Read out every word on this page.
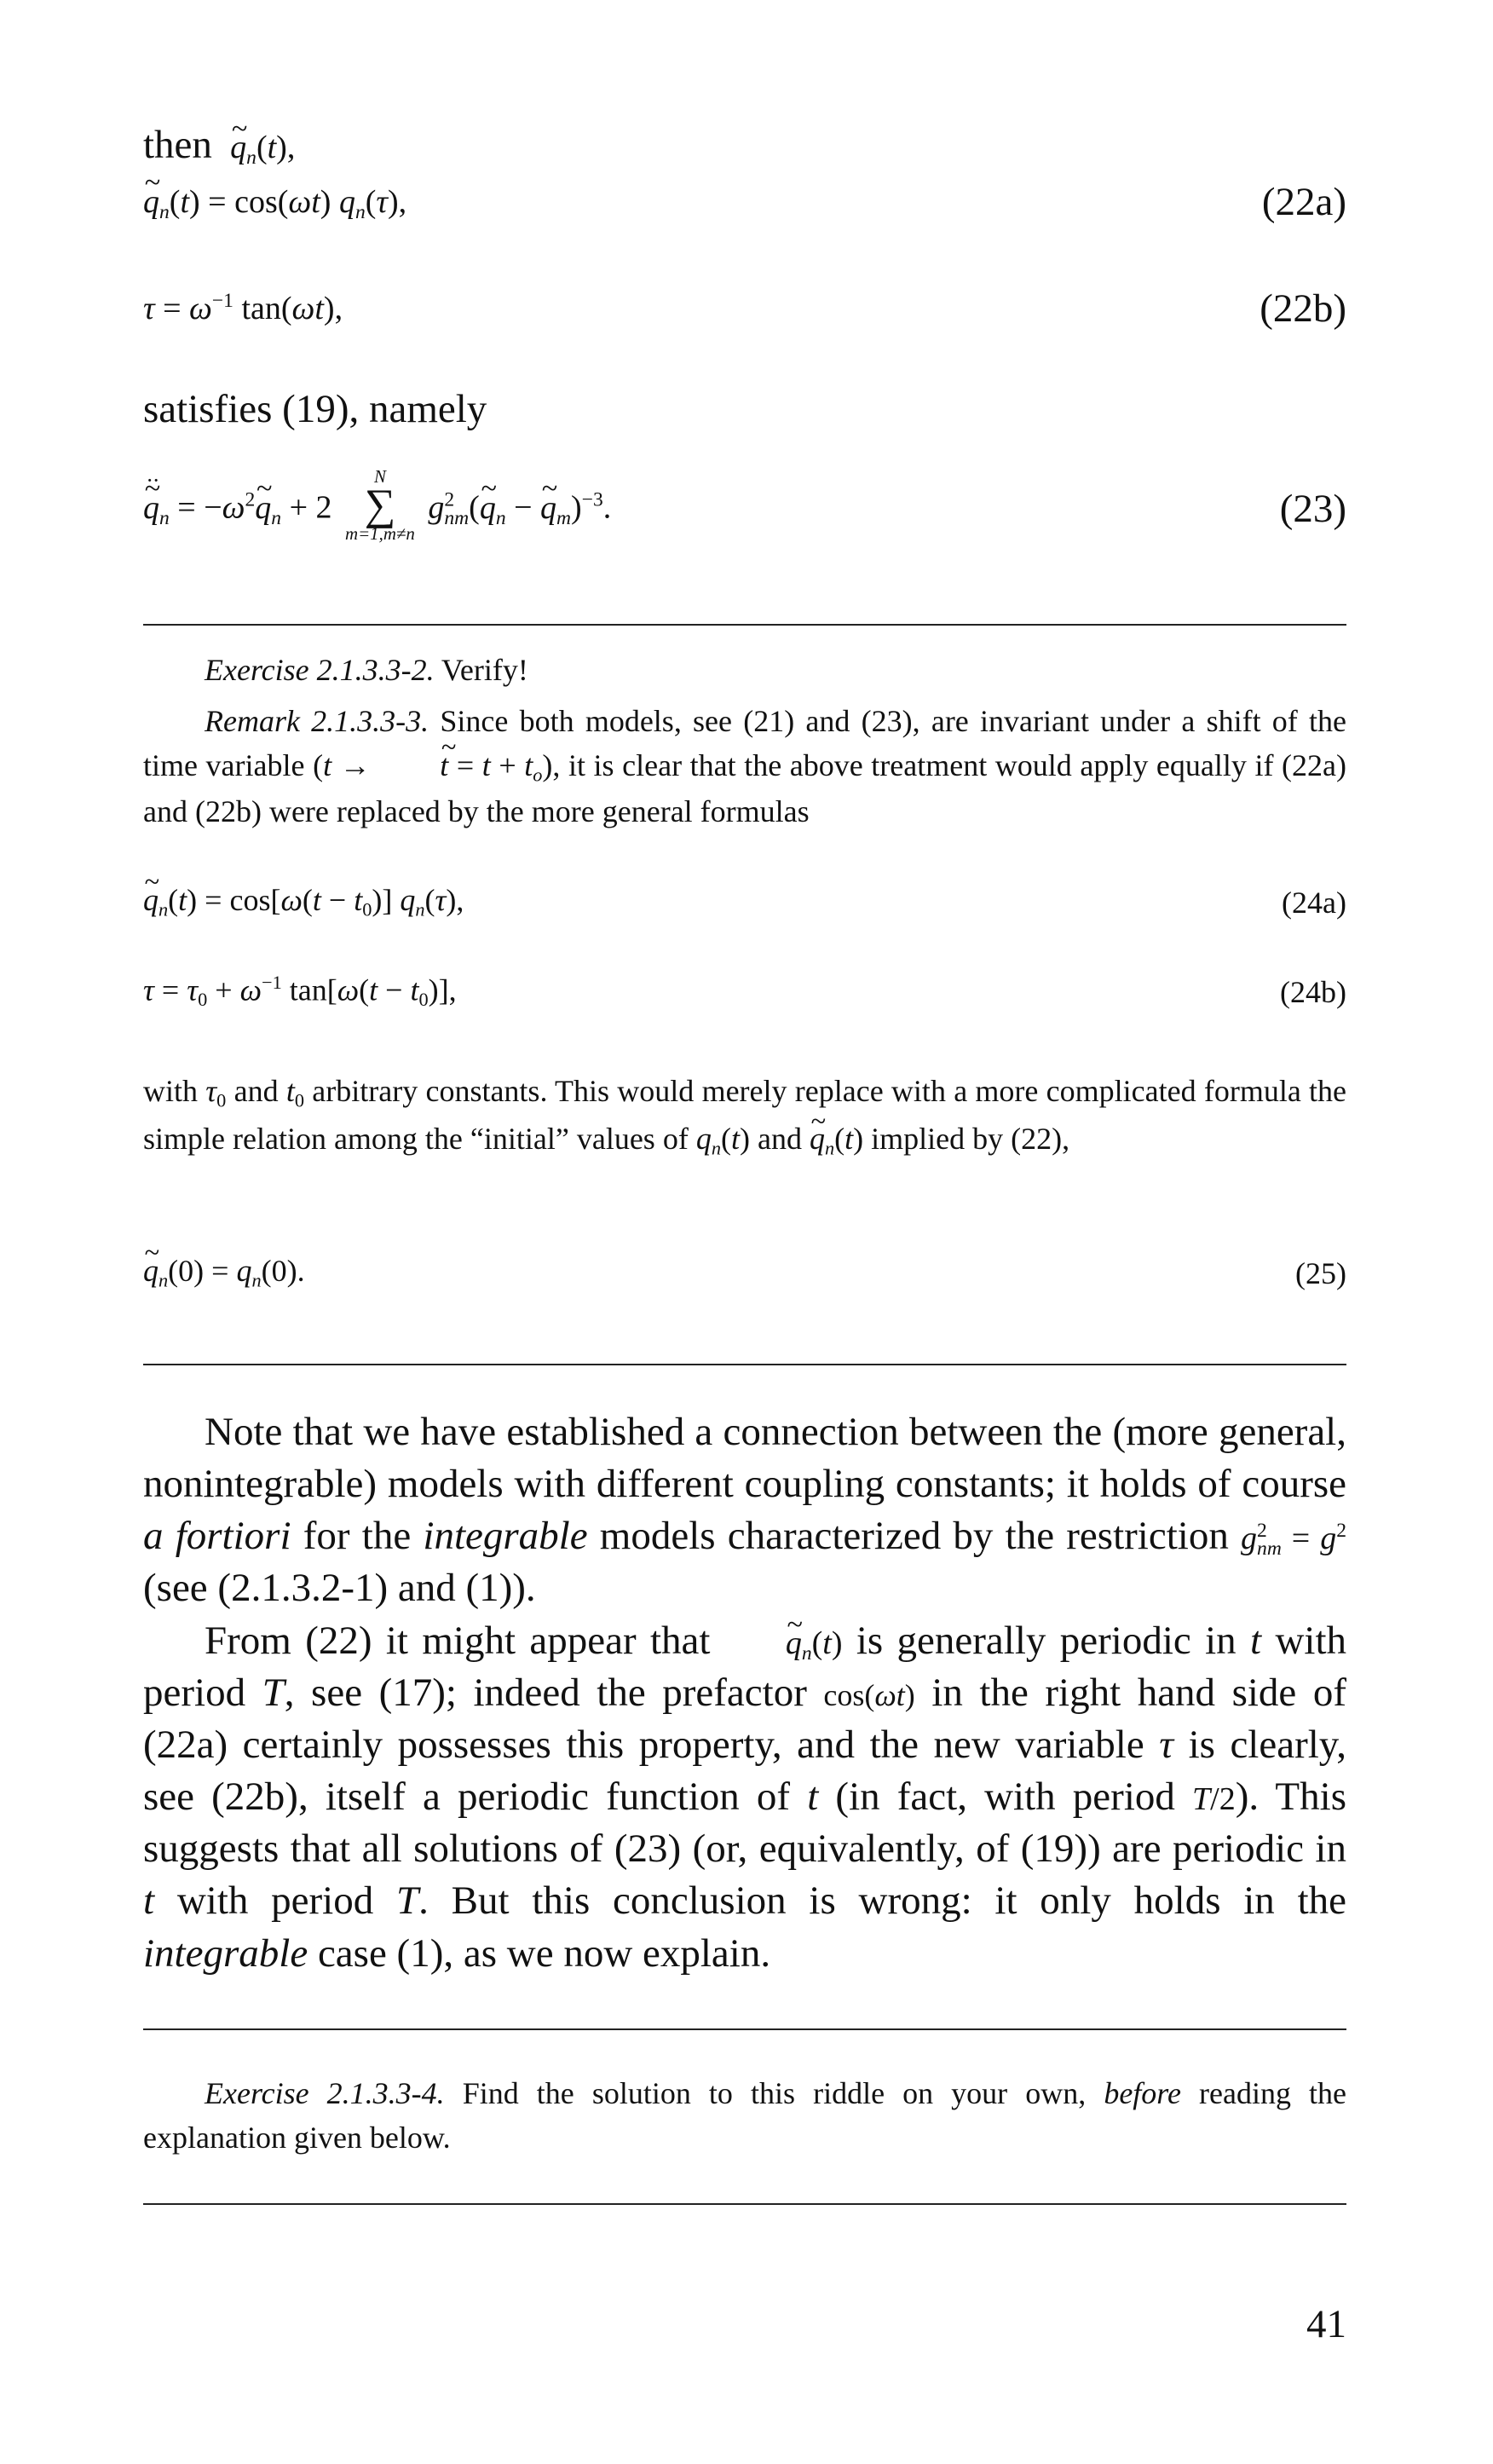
then ~ $q_n(t)$,
~ $q_n(t) = \cos(\omega t)$ $q_n(\tau)$,	(22a)
$\tau = \omega^{-1}$ tan(ωt),	(22b)
satisfies (19), namely
~ $q \cdot\cdot_n$ = $-\omega^2\sim$ $q_n + 2$
N
∑
m=1,m≠n
$g^2_{nm}(\sim$ $q_n$ − ~ $q_m)^{-3}$.	(23)
Exercise 2.1.3.3-2. Verify!
Remark 2.1.3.3-3. Since both models, see (21) and (23), are invariant under a shift of the time variable (t → ~ $t = t + t_o$), it is clear that the above treatment would apply equally if (22a) and (22b) were replaced by the more general formulas
~ $q_n(t) = \cos[\omega(t - t_0)]$ $q_n(\tau)$,	(24a)
$\tau = \tau_0 + \omega^{-1}$ $\tan[\omega(t - t_0)]$,	(24b)
with $\tau_0$ and $t_0$ arbitrary constants. This would merely replace with a more complicated formula the simple relation among the “initial” values of $q_n(t)$ and ~ $q_n(t)$ implied by (22),
~ $q_n(0) = q_n(0)$.	(25)
Note that we have established a connection between the (more general, nonintegrable) models with different coupling constants; it holds of course a fortiori for the integrable models characterized by the restriction $g^2_{nm} = g^2$ (see (2.1.3.2-1) and (1)).
From (22) it might appear that ~ $q_n(t)$ is generally periodic in t with period T, see (17); indeed the prefactor cos(ωt) in the right hand side of (22a) certainly possesses this property, and the new variable τ is clearly, see (22b), itself a periodic function of t (in fact, with period T/2). This suggests that all solutions of (23) (or, equivalently, of (19)) are periodic in t with period T. But this conclusion is wrong: it only holds in the integrable case (1), as we now explain.
Exercise 2.1.3.3-4. Find the solution to this riddle on your own, before reading the explanation given below.
41
